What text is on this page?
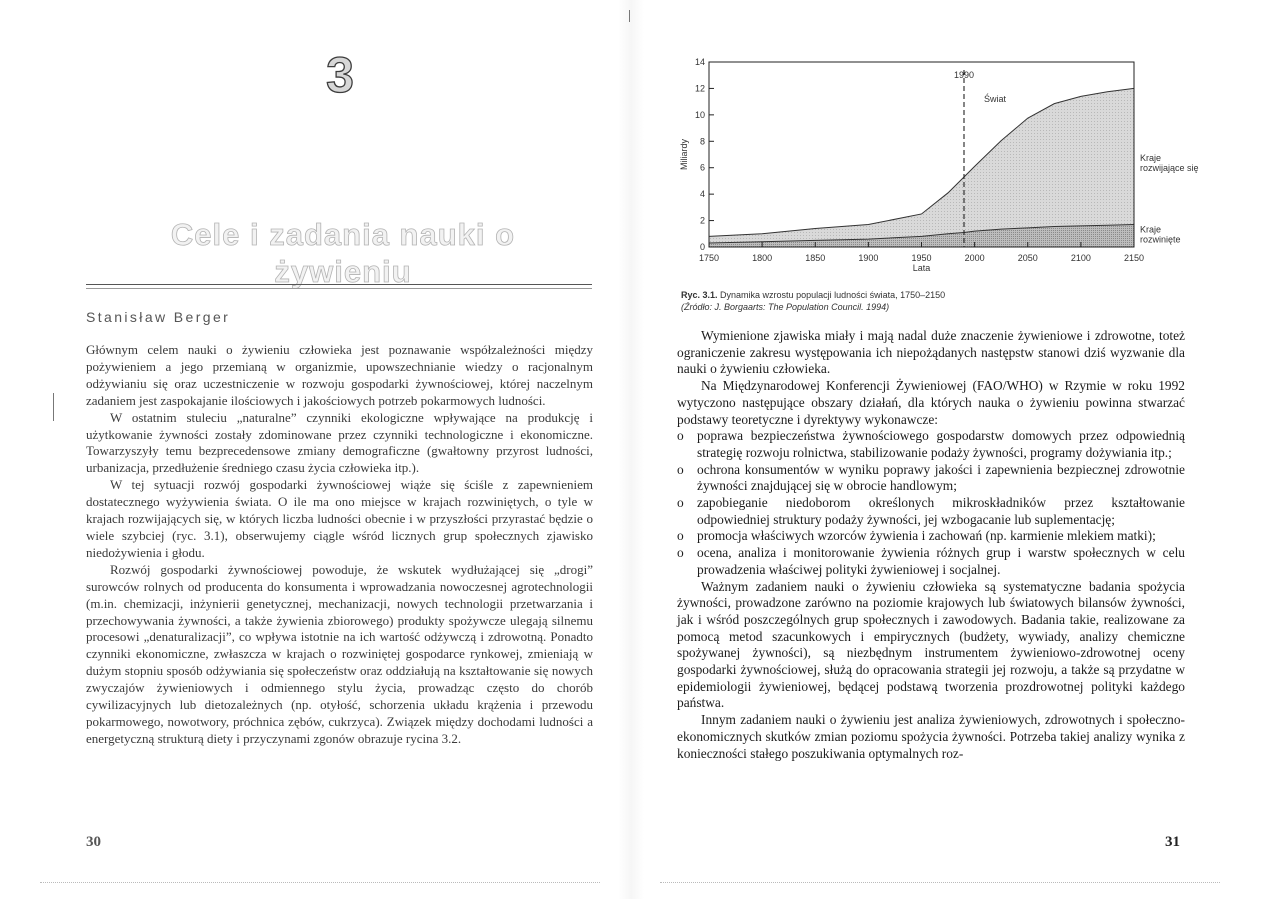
3
Cele i zadania nauki o żywieniu
Stanisław Berger

Głównym celem nauki o żywieniu człowieka jest poznawanie współzależności między pożywieniem a jego przemianą w organizmie, upowszechnianie wiedzy o racjonalnym odżywianiu się oraz uczestniczenie w rozwoju gospodarki żywnościowej, której naczelnym zadaniem jest zaspokajanie ilościowych i jakościowych potrzeb pokarmowych ludności.

W ostatnim stuleciu „naturalne” czynniki ekologiczne wpływające na produkcję i użytkowanie żywności zostały zdominowane przez czynniki technologiczne i ekonomiczne. Towarzyszyły temu bezprecedensowe zmiany demograficzne (gwałtowny przyrost ludności, urbanizacja, przedłużenie średniego czasu życia człowieka itp.).

W tej sytuacji rozwój gospodarki żywnościowej wiąże się ściśle z zapewnieniem dostatecznego wyżywienia świata. O ile ma ono miejsce w krajach rozwiniętych, o tyle w krajach rozwijających się, w których liczba ludności obecnie i w przyszłości przyrastać będzie o wiele szybciej (ryc. 3.1), obserwujemy ciągle wśród licznych grup społecznych zjawisko niedożywienia i głodu.

Rozwój gospodarki żywnościowej powoduje, że wskutek wydłużającej się „drogi” surowców rolnych od producenta do konsumenta i wprowadzania nowoczesnej agrotechnologii (m.in. chemizacji, inżynierii genetycznej, mechanizacji, nowych technologii przetwarzania i przechowywania żywności, a także żywienia zbiorowego) produkty spożywcze ulegają silnemu procesowi „denaturalizacji”, co wpływa istotnie na ich wartość odżywczą i zdrowotną. Ponadto czynniki ekonomiczne, zwłaszcza w krajach o rozwiniętej gospodarce rynkowej, zmieniają w dużym stopniu sposób odżywiania się społeczeństw oraz oddziałują na kształtowanie się nowych zwyczajów żywieniowych i odmiennego stylu życia, prowadząc często do chorób cywilizacyjnych lub dietozależnych (np. otyłość, schorzenia układu krążenia i przewodu pokarmowego, nowotwory, próchnica zębów, cukrzyca). Związek między dochodami ludności a energetyczną strukturą diety i przyczynami zgonów obrazuje rycina 3.2.

30
0
2
4
6
8
10
12
14
1750	1800	1850	1900	1950	2000	2050	2100	2150
Lata
Miliardy
1990
Świat
Kraje rozwijające się
Kraje rozwinięte
Ryc. 3.1. Dynamika wzrostu populacji ludności świata, 1750–2150
(Źródło: J. Borgaarts: The Population Council. 1994)

Wymienione zjawiska miały i mają nadal duże znaczenie żywieniowe i zdrowotne, toteż ograniczenie zakresu występowania ich niepożądanych następstw stanowi dziś wyzwanie dla nauki o żywieniu człowieka.

Na Międzynarodowej Konferencji Żywieniowej (FAO/WHO) w Rzymie w roku 1992 wytyczono następujące obszary działań, dla których nauka o żywieniu powinna stwarzać podstawy teoretyczne i dyrektywy wykonawcze:

o poprawa bezpieczeństwa żywnościowego gospodarstw domowych przez odpowiednią strategię rozwoju rolnictwa, stabilizowanie podaży żywności, programy dożywiania itp.;
o ochrona konsumentów w wyniku poprawy jakości i zapewnienia bezpiecznej zdrowotnie żywności znajdującej się w obrocie handlowym;
o zapobieganie niedoborom określonych mikroskładników przez kształtowanie odpowiedniej struktury podaży żywności, jej wzbogacanie lub suplementację;
o promocja właściwych wzorców żywienia i zachowań (np. karmienie mlekiem matki);
o ocena, analiza i monitorowanie żywienia różnych grup i warstw społecznych w celu prowadzenia właściwej polityki żywieniowej i socjalnej.

Ważnym zadaniem nauki o żywieniu człowieka są systematyczne badania spożycia żywności, prowadzone zarówno na poziomie krajowych lub światowych bilansów żywności, jak i wśród poszczególnych grup społecznych i zawodowych. Badania takie, realizowane za pomocą metod szacunkowych i empirycznych (budżety, wywiady, analizy chemiczne spożywanej żywności), są niezbędnym instrumentem żywieniowo-zdrowotnej oceny gospodarki żywnościowej, służą do opracowania strategii jej rozwoju, a także są przydatne w epidemiologii żywieniowej, będącej podstawą tworzenia prozdrowotnej polityki każdego państwa.

Innym zadaniem nauki o żywieniu jest analiza żywieniowych, zdrowotnych i społeczno-ekonomicznych skutków zmian poziomu spożycia żywności. Potrzeba takiej analizy wynika z konieczności stałego poszukiwania optymalnych roz-

31
